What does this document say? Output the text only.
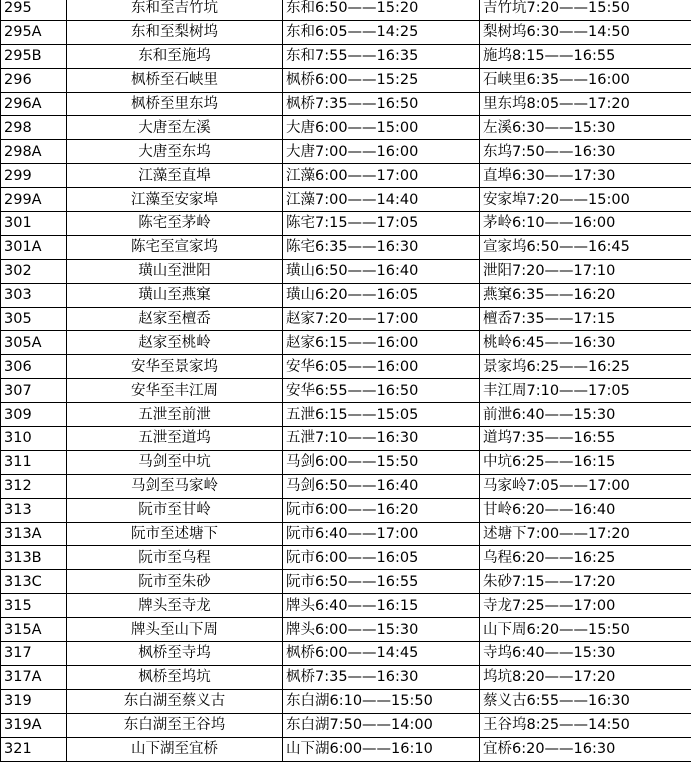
295	东和至吉竹坑	东和6:50——15:20	吉竹坑7:20——15:50
295A	东和至梨树坞	东和6:05——14:25	梨树坞6:30——14:50
295B	东和至施坞	东和7:55——16:35	施坞8:15——16:55
296	枫桥至石峡里	枫桥6:00——15:25	石峡里6:35——16:00
296A	枫桥至里东坞	枫桥7:35——16:50	里东坞8:05——17:20
298	大唐至左溪	大唐6:00——15:00	左溪6:30——15:30
298A	大唐至东坞	大唐7:00——16:00	东坞7:50——16:30
299	江藻至直埠	江藻6:00——17:00	直埠6:30——17:30
299A	江藻至安家埠	江藻7:00——14:40	安家埠7:20——15:00
301	陈宅至茅岭	陈宅7:15——17:05	茅岭6:10——16:00
301A	陈宅至宣家坞	陈宅6:35——16:30	宣家坞6:50——16:45
302	璜山至泄阳	璜山6:50——16:40	泄阳7:20——17:10
303	璜山至燕窠	璜山6:20——16:05	燕窠6:35——16:20
305	赵家至檀岙	赵家7:20——17:00	檀岙7:35——17:15
305A	赵家至桃岭	赵家6:15——16:00	桃岭6:45——16:30
306	安华至景家坞	安华6:05——16:00	景家坞6:25——16:25
307	安华至丰江周	安华6:55——16:50	丰江周7:10——17:05
309	五泄至前泄	五泄6:15——15:05	前泄6:40——15:30
310	五泄至道坞	五泄7:10——16:30	道坞7:35——16:55
311	马剑至中坑	马剑6:00——15:50	中坑6:25——16:15
312	马剑至马家岭	马剑6:50——16:40	马家岭7:05——17:00
313	阮市至甘岭	阮市6:00——16:20	甘岭6:20——16:40
313A	阮市至述塘下	阮市6:40——17:00	述塘下7:00——17:20
313B	阮市至乌程	阮市6:00——16:05	乌程6:20——16:25
313C	阮市至朱砂	阮市6:50——16:55	朱砂7:15——17:20
315	牌头至寺龙	牌头6:40——16:15	寺龙7:25——17:00
315A	牌头至山下周	牌头6:00——15:30	山下周6:20——15:50
317	枫桥至寺坞	枫桥6:00——14:45	寺坞6:40——15:30
317A	枫桥至坞坑	枫桥7:35——16:30	坞坑8:20——17:20
319	东白湖至蔡义古	东白湖6:10——15:50	蔡义古6:55——16:30
319A	东白湖至王谷坞	东白湖7:50——14:00	王谷坞8:25——14:50
321	山下湖至宜桥	山下湖6:00——16:10	宜桥6:20——16:30
